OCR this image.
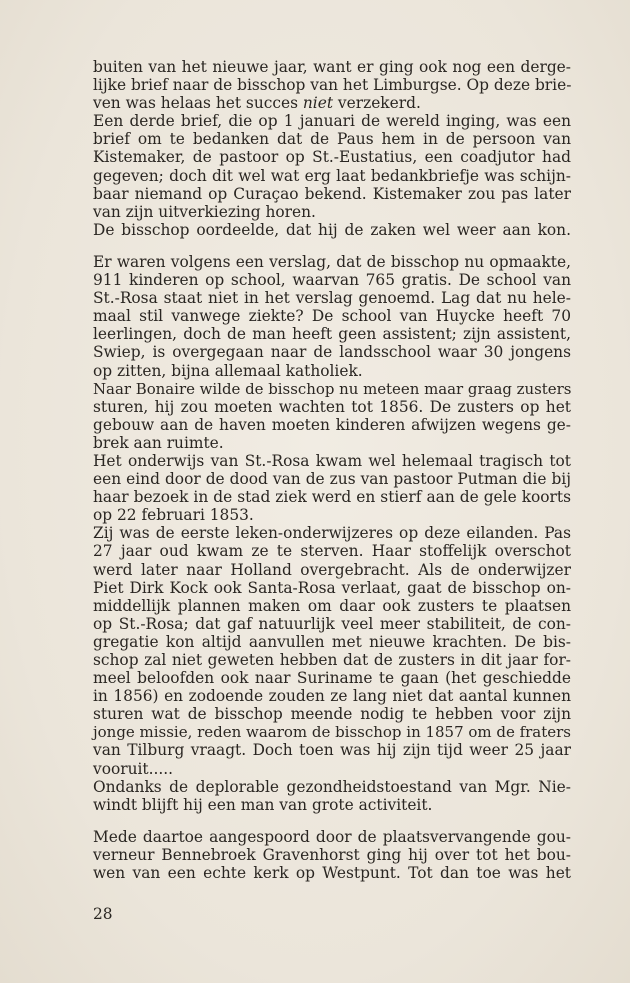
buiten van het nieuwe jaar, want er ging ook nog een derge-
lijke brief naar de bisschop van het Limburgse. Op deze brie-
ven was helaas het succes niet verzekerd.

Een derde brief, die op 1 januari de wereld inging, was een
brief om te bedanken dat de Paus hem in de persoon van
Kistemaker, de pastoor op St.-Eustatius, een coadjutor had
gegeven; doch dit wel wat erg laat bedankbriefje was schijn-
baar niemand op Curaçao bekend. Kistemaker zou pas later
van zijn uitverkiezing horen.

De bisschop oordeelde, dat hij de zaken wel weer aan kon.

Er waren volgens een verslag, dat de bisschop nu opmaakte,
911 kinderen op school, waarvan 765 gratis. De school van
St.-Rosa staat niet in het verslag genoemd. Lag dat nu hele-
maal stil vanwege ziekte? De school van Huycke heeft 70
leerlingen, doch de man heeft geen assistent; zijn assistent,
Swiep, is overgegaan naar de landsschool waar 30 jongens
op zitten, bijna allemaal katholiek.

Naar Bonaire wilde de bisschop nu meteen maar graag zusters
sturen, hij zou moeten wachten tot 1856. De zusters op het
gebouw aan de haven moeten kinderen afwijzen wegens ge-
brek aan ruimte.

Het onderwijs van St.-Rosa kwam wel helemaal tragisch tot
een eind door de dood van de zus van pastoor Putman die bij
haar bezoek in de stad ziek werd en stierf aan de gele koorts
op 22 februari 1853.

Zij was de eerste leken-onderwijzeres op deze eilanden. Pas
27 jaar oud kwam ze te sterven. Haar stoffelijk overschot
werd later naar Holland overgebracht. Als de onderwijzer
Piet Dirk Kock ook Santa-Rosa verlaat, gaat de bisschop on-
middellijk plannen maken om daar ook zusters te plaatsen
op St.-Rosa; dat gaf natuurlijk veel meer stabiliteit, de con-
gregatie kon altijd aanvullen met nieuwe krachten. De bis-
schop zal niet geweten hebben dat de zusters in dit jaar for-
meel beloofden ook naar Suriname te gaan (het geschiedde
in 1856) en zodoende zouden ze lang niet dat aantal kunnen
sturen wat de bisschop meende nodig te hebben voor zijn
jonge missie, reden waarom de bisschop in 1857 om de fraters
van Tilburg vraagt. Doch toen was hij zijn tijd weer 25 jaar
vooruit.....

Ondanks de deplorable gezondheidstoestand van Mgr. Nie-
windt blijft hij een man van grote activiteit.

Mede daartoe aangespoord door de plaatsvervangende gou-
verneur Bennebroek Gravenhorst ging hij over tot het bou-
wen van een echte kerk op Westpunt. Tot dan toe was het

28
